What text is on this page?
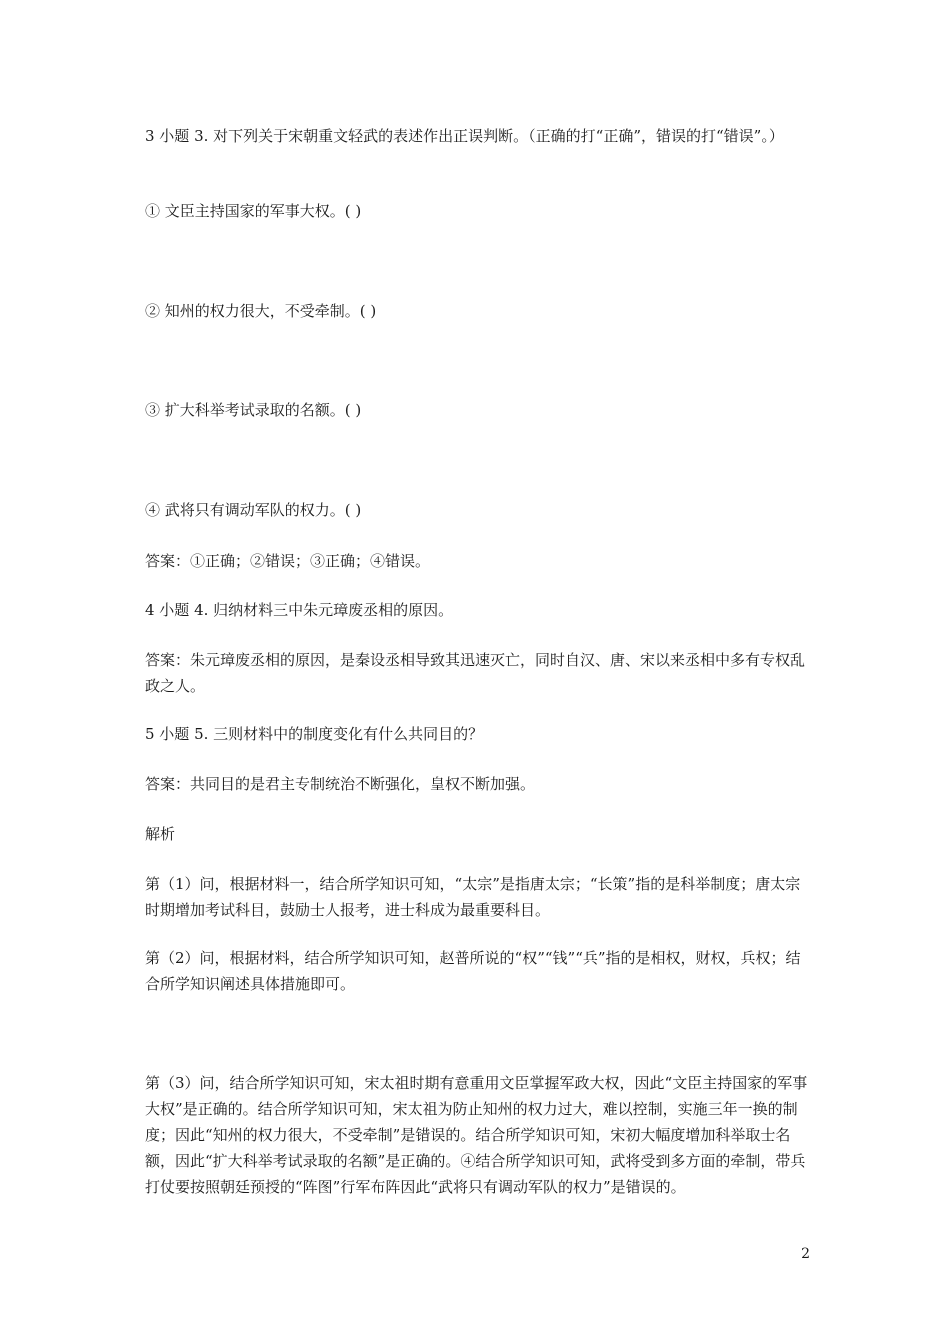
3 小题 3. 对下列关于宋朝重文轻武的表述作出正误判断。（正确的打“正确”，错误的打“错误”。）

① 文臣主持国家的军事大权。( )

② 知州的权力很大，不受牵制。( )

③ 扩大科举考试录取的名额。( )

④ 武将只有调动军队的权力。( )

答案：①正确；②错误；③正确；④错误。

4 小题 4. 归纳材料三中朱元璋废丞相的原因。

答案：朱元璋废丞相的原因，是秦设丞相导致其迅速灭亡，同时自汉、唐、宋以来丞相中多有专权乱政之人。

5 小题 5. 三则材料中的制度变化有什么共同目的？

答案：共同目的是君主专制统治不断强化，皇权不断加强。

解析

第（1）问，根据材料一，结合所学知识可知，“太宗”是指唐太宗；“长策”指的是科举制度；唐太宗时期增加考试科目，鼓励士人报考，进士科成为最重要科目。

第（2）问，根据材料，结合所学知识可知，赵普所说的“权”“钱”“兵”指的是相权，财权，兵权；结合所学知识阐述具体措施即可。

第（3）问，结合所学知识可知，宋太祖时期有意重用文臣掌握军政大权，因此“文臣主持国家的军事大权”是正确的。结合所学知识可知，宋太祖为防止知州的权力过大，难以控制，实施三年一换的制度；因此“知州的权力很大，不受牵制”是错误的。结合所学知识可知，宋初大幅度增加科举取士名额，因此“扩大科举考试录取的名额”是正确的。④结合所学知识可知，武将受到多方面的牵制，带兵打仗要按照朝廷预授的“阵图”行军布阵因此“武将只有调动军队的权力”是错误的。

2
